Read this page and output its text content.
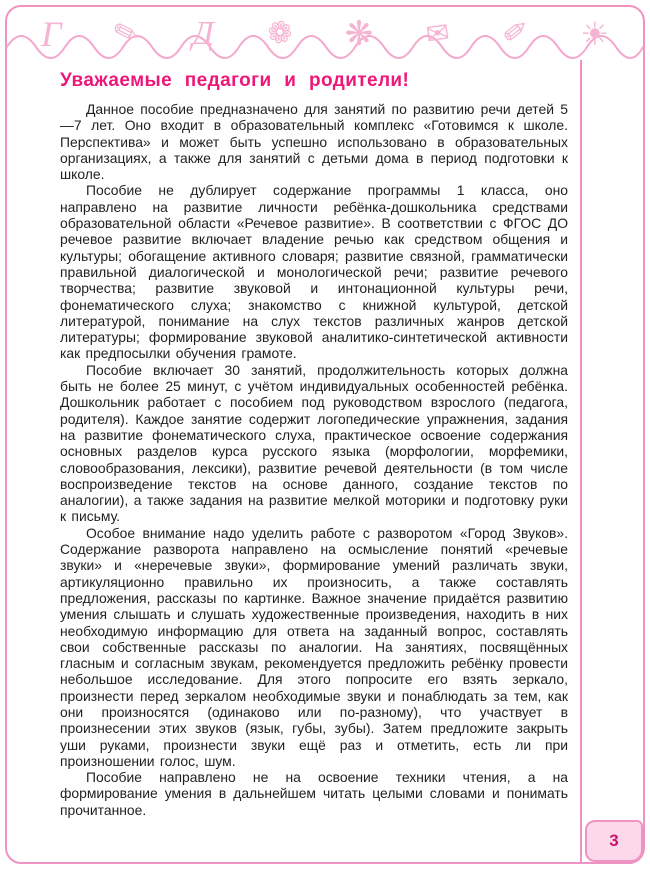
Г ✎ Д ❁ ❋ ✉ ✐ ☀
Уважаемые педагоги и родители!

Данное пособие предназначено для занятий по развитию речи детей 5—7 лет. Оно входит в образовательный комплекс «Готовимся к школе. Перспектива» и может быть успешно использовано в образовательных организациях, а также для занятий с детьми дома в период подготовки к школе.

Пособие не дублирует содержание программы 1 класса, оно направлено на развитие личности ребёнка-дошкольника средствами образовательной области «Речевое развитие». В соответствии с ФГОС ДО речевое развитие включает владение речью как средством общения и культуры; обогащение активного словаря; развитие связной, грамматически правильной диалогической и монологической речи; развитие речевого творчества; развитие звуковой и интонационной культуры речи, фонематического слуха; знакомство с книжной культурой, детской литературой, понимание на слух текстов различных жанров детской литературы; формирование звуковой аналитико-синтетической активности как предпосылки обучения грамоте.

Пособие включает 30 занятий, продолжительность которых должна быть не более 25 минут, с учётом индивидуальных особенностей ребёнка. Дошкольник работает с пособием под руководством взрослого (педагога, родителя). Каждое занятие содержит логопедические упражнения, задания на развитие фонематического слуха, практическое освоение содержания основных разделов курса русского языка (морфологии, морфемики, словообразования, лексики), развитие речевой деятельности (в том числе воспроизведение текстов на основе данного, создание текстов по аналогии), а также задания на развитие мелкой моторики и подготовку руки к письму.

Особое внимание надо уделить работе с разворотом «Город Звуков». Содержание разворота направлено на осмысление понятий «речевые звуки» и «неречевые звуки», формирование умений различать звуки, артикуляционно правильно их произносить, а также составлять предложения, рассказы по картинке. Важное значение придаётся развитию умения слышать и слушать художественные произведения, находить в них необходимую информацию для ответа на заданный вопрос, составлять свои собственные рассказы по аналогии. На занятиях, посвящённых гласным и согласным звукам, рекомендуется предложить ребёнку провести небольшое исследование. Для этого попросите его взять зеркало, произнести перед зеркалом необходимые звуки и понаблюдать за тем, как они произносятся (одинаково или по-разному), что участвует в произнесении этих звуков (язык, губы, зубы). Затем предложите закрыть уши руками, произнести звуки ещё раз и отметить, есть ли при произношении голос, шум.

Пособие направлено не на освоение техники чтения, а на формирование умения в дальнейшем читать целыми словами и понимать прочитанное.

3
